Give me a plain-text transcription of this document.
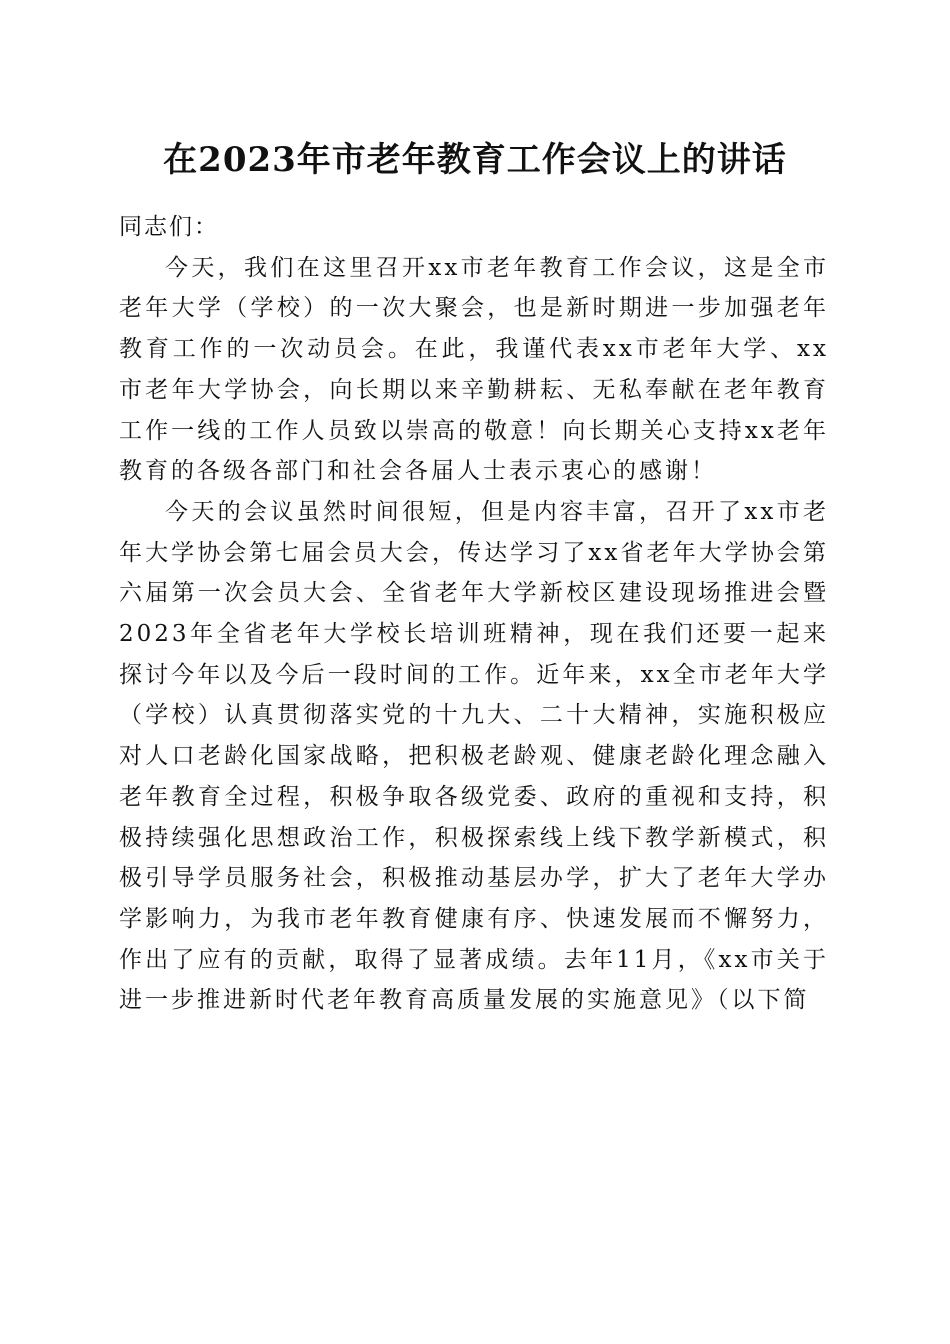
在2023年市老年教育工作会议上的讲话

同志们：

今天，我们在这里召开xx市老年教育工作会议，这是全市老年大学（学校）的一次大聚会，也是新时期进一步加强老年教育工作的一次动员会。在此，我谨代表xx市老年大学、xx市老年大学协会，向长期以来辛勤耕耘、无私奉献在老年教育工作一线的工作人员致以崇高的敬意！向长期关心支持xx老年教育的各级各部门和社会各届人士表示衷心的感谢！

今天的会议虽然时间很短，但是内容丰富，召开了xx市老年大学协会第七届会员大会，传达学习了xx省老年大学协会第六届第一次会员大会、全省老年大学新校区建设现场推进会暨2023年全省老年大学校长培训班精神，现在我们还要一起来探讨今年以及今后一段时间的工作。近年来，xx全市老年大学（学校）认真贯彻落实党的十九大、二十大精神，实施积极应对人口老龄化国家战略，把积极老龄观、健康老龄化理念融入老年教育全过程，积极争取各级党委、政府的重视和支持，积极持续强化思想政治工作，积极探索线上线下教学新模式，积极引导学员服务社会，积极推动基层办学，扩大了老年大学办学影响力，为我市老年教育健康有序、快速发展而不懈努力，作出了应有的贡献，取得了显著成绩。去年11月，《xx市关于进一步推进新时代老年教育高质量发展的实施意见》（以下简
